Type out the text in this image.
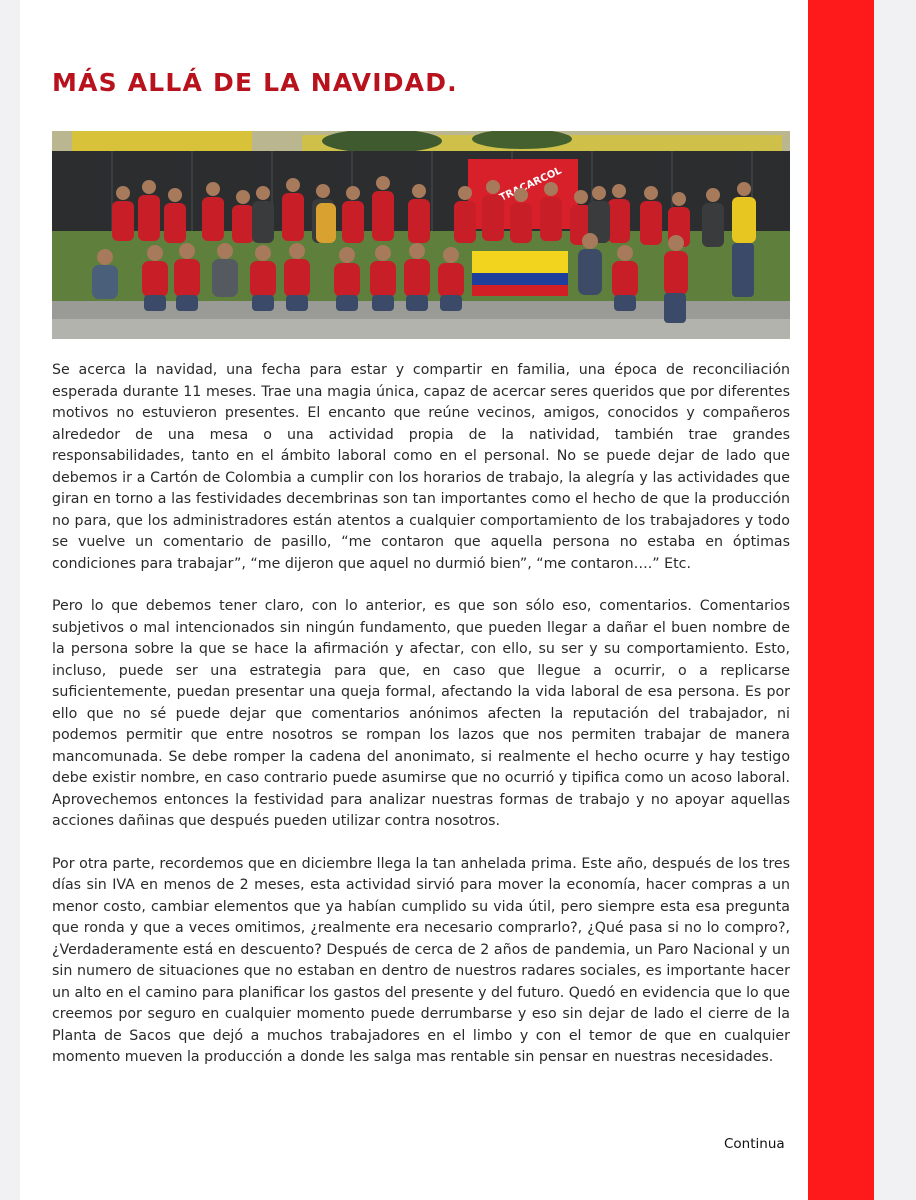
MÁS ALLÁ DE LA NAVIDAD.

Se acerca la navidad, una fecha para estar y compartir en familia, una época de reconciliación esperada durante 11 meses. Trae una magia única, capaz de acercar seres queridos que por diferentes motivos no estuvieron presentes. El encanto que reúne vecinos, amigos, conocidos y compañeros alrededor de una mesa o una actividad propia de la natividad, también trae grandes responsabilidades, tanto en el ámbito laboral como en el personal. No se puede dejar de lado que debemos ir a Cartón de Colombia a cumplir con los horarios de trabajo, la alegría y las actividades que giran en torno a las festividades decembrinas son tan importantes como el hecho de que la producción no para, que los administradores están atentos a cualquier comportamiento de los trabajadores y todo se vuelve un comentario de pasillo, “me contaron que aquella persona no estaba en óptimas condiciones para trabajar”, “me dijeron que aquel no durmió bien”, “me contaron….” Etc.

Pero lo que debemos tener claro, con lo anterior, es que son sólo eso, comentarios. Comentarios subjetivos o mal intencionados sin ningún fundamento, que pueden llegar a dañar el buen nombre de la persona sobre la que se hace la afirmación y afectar, con ello, su ser y su comportamiento. Esto, incluso, puede ser una estrategia para que, en caso que llegue a ocurrir, o a replicarse suficientemente, puedan presentar una queja formal, afectando la vida laboral de esa persona. Es por ello que no sé puede dejar que comentarios anónimos afecten la reputación del trabajador, ni podemos permitir que entre nosotros se rompan los lazos que nos permiten trabajar de manera mancomunada. Se debe romper la cadena del anonimato, si realmente el hecho ocurre y hay testigo debe existir nombre, en caso contrario puede asumirse que no ocurrió y tipifica como un acoso laboral. Aprovechemos entonces la festividad para analizar nuestras formas de trabajo y no apoyar aquellas acciones dañinas que después pueden utilizar contra nosotros.

Por otra parte, recordemos que en diciembre llega la tan anhelada prima. Este año, después de los tres días sin IVA en menos de 2 meses, esta actividad sirvió para mover la economía, hacer compras a un menor costo, cambiar elementos que ya habían cumplido su vida útil, pero siempre esta esa pregunta que ronda y que a veces omitimos, ¿realmente era necesario comprarlo?, ¿Qué pasa si no lo compro?, ¿Verdaderamente está en descuento? Después de cerca de 2 años de pandemia, un Paro Nacional y un sin numero de situaciones que no estaban en dentro de nuestros radares sociales, es importante hacer un alto en el camino para planificar los gastos del presente y del futuro. Quedó en evidencia que lo que creemos por seguro en cualquier momento puede derrumbarse y eso sin dejar de lado el cierre de la Planta de Sacos que dejó a muchos trabajadores en el limbo y con el temor de que en cualquier momento mueven la producción a donde les salga mas rentable sin pensar en nuestras necesidades.

Continua
